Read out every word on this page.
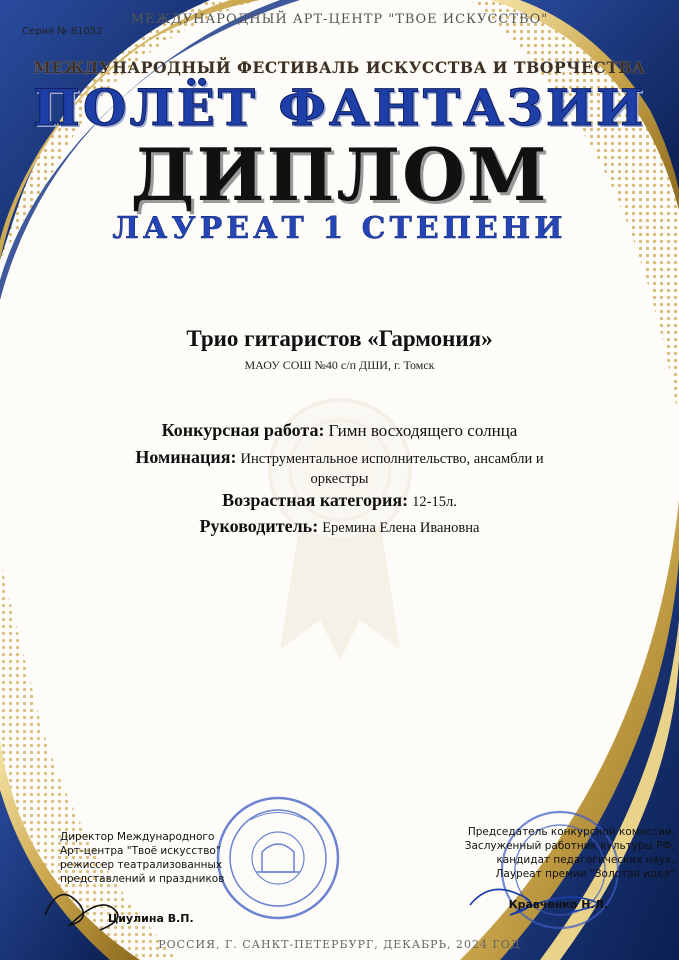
Серия № 81052
МЕЖДУНАРОДНЫЙ АРТ-ЦЕНТР "ТВОЕ ИСКУССТВО"
МЕЖДУНАРОДНЫЙ ФЕСТИВАЛЬ ИСКУССТВА И ТВОРЧЕСТВА
ПОЛЁТ ФАНТАЗИИ
ДИПЛОМ
ЛАУРЕАТ 1 СТЕПЕНИ
Трио гитаристов «Гармония»
МАОУ СОШ №40 с/п ДШИ, г. Томск
Конкурсная работа: Гимн восходящего солнца
Номинация: Инструментальное исполнительство, ансамбли и
оркестры
Возрастная категория: 12-15л.
Руководитель: Еремина Елена Ивановна
Директор Международного
Арт-центра "Твоё искусство"
режиссер театрализованных
представлений и праздников
Циулина В.П.
Председатель конкурсной комиссии,
Заслуженный работник культуры РФ,
кандидат педагогических наук,
Лауреат премии "Золотая идея"
Кравченко Н.Л.
РОССИЯ, Г. САНКТ-ПЕТЕРБУРГ, ДЕКАБРЬ, 2024 ГОД
